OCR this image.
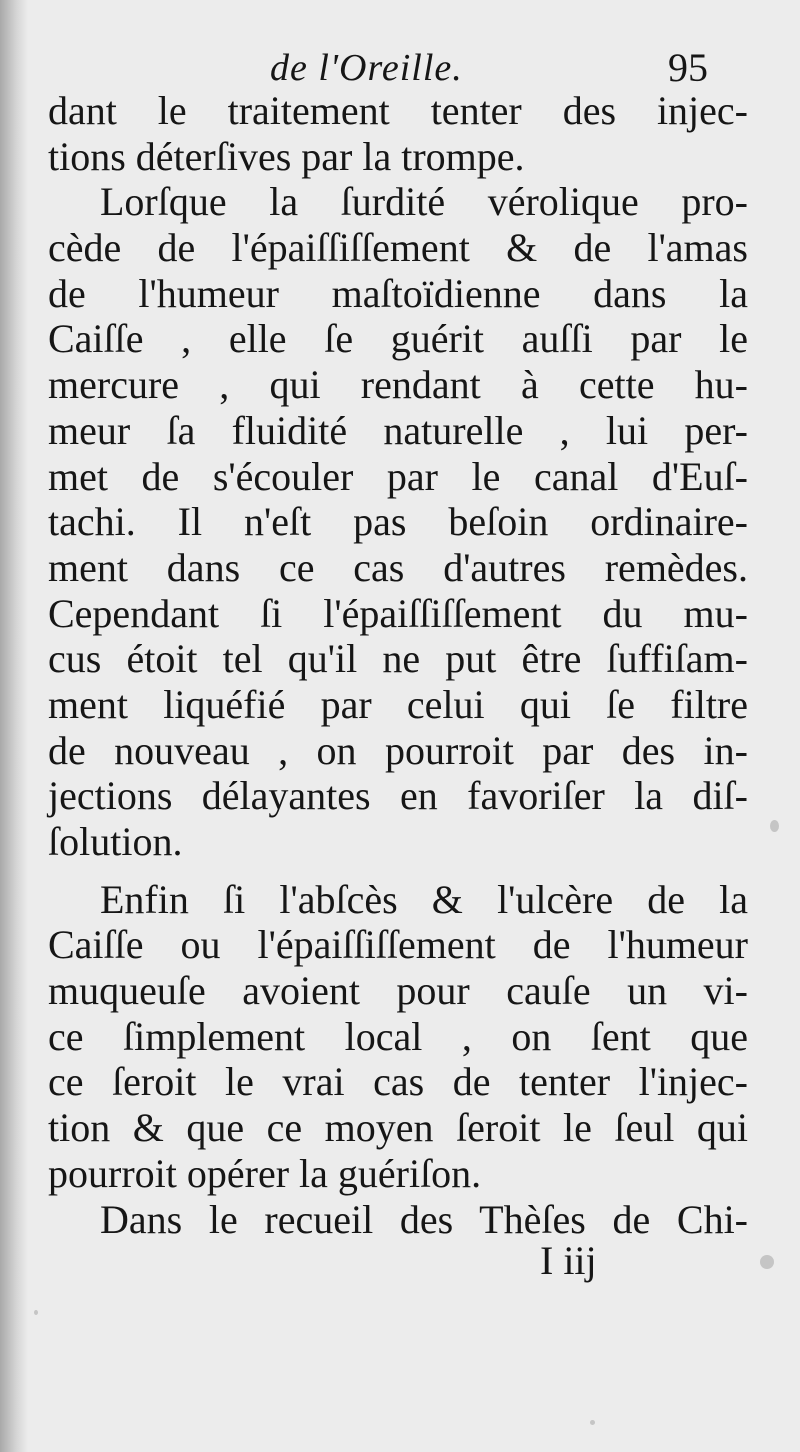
de l'Oreille.	95
dant le traitement tenter des injec-
tions déterſives par la trompe.
Lorſque la ſurdité vérolique pro-
cède de l'épaiſſiſſement & de l'amas
de l'humeur maſtoïdienne dans la
Caiſſe , elle ſe guérit auſſi par le
mercure , qui rendant à cette hu-
meur ſa fluidité naturelle , lui per-
met de s'écouler par le canal d'Euſ-
tachi. Il n'eſt pas beſoin ordinaire-
ment dans ce cas d'autres remèdes.
Cependant ſi l'épaiſſiſſement du mu-
cus étoit tel qu'il ne put être ſuffiſam-
ment liquéfié par celui qui ſe filtre
de nouveau , on pourroit par des in-
jections délayantes en favoriſer la diſ-
ſolution.
Enfin ſi l'abſcès & l'ulcère de la
Caiſſe ou l'épaiſſiſſement de l'humeur
muqueuſe avoient pour cauſe un vi-
ce ſimplement local , on ſent que
ce ſeroit le vrai cas de tenter l'injec-
tion & que ce moyen ſeroit le ſeul qui
pourroit opérer la guériſon.
Dans le recueil des Thèſes de Chi-
I iij
